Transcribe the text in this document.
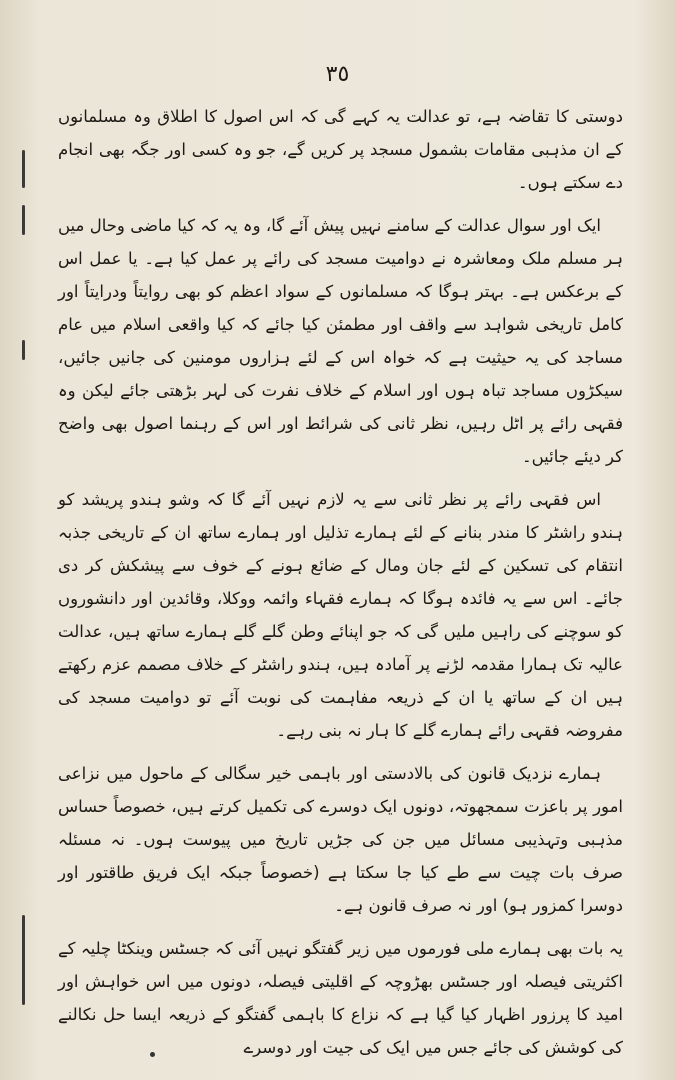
٣٥

دوستی کا تقاضہ ہے، تو عدالت یہ کہے گی کہ اس اصول کا اطلاق وہ مسلمانوں کے ان مذہبی مقامات بشمول مسجد پر کریں گے، جو وہ کسی اور جگہ بھی انجام دے سکتے ہوں۔

ایک اور سوال عدالت کے سامنے نہیں پیش آئے گا، وہ یہ کہ کیا ماضی وحال میں ہر مسلم ملک ومعاشرہ نے دوامیت مسجد کی رائے پر عمل کیا ہے۔ یا عمل اس کے برعکس ہے۔ بہتر ہوگا کہ مسلمانوں کے سواد اعظم کو بھی روایتاً ودرایتاً اور کامل تاریخی شواہد سے واقف اور مطمئن کیا جائے کہ کیا واقعی اسلام میں عام مساجد کی یہ حیثیت ہے کہ خواہ اس کے لئے ہزاروں مومنین کی جانیں جائیں، سیکڑوں مساجد تباہ ہوں اور اسلام کے خلاف نفرت کی لہر بڑھتی جائے لیکن وہ فقہی رائے پر اٹل رہیں، نظر ثانی کی شرائط اور اس کے رہنما اصول بھی واضح کر دیئے جائیں۔

اس فقہی رائے پر نظر ثانی سے یہ لازم نہیں آئے گا کہ وشو ہندو پریشد کو ہندو راشٹر کا مندر بنانے کے لئے ہمارے تذلیل اور ہمارے ساتھ ان کے تاریخی جذبہ انتقام کی تسکین کے لئے جان ومال کے ضائع ہونے کے خوف سے پیشکش کر دی جائے۔ اس سے یہ فائدہ ہوگا کہ ہمارے فقہاء وائمہ ووکلا، وقائدین اور دانشوروں کو سوچنے کی راہیں ملیں گی کہ جو اپنائے وطن گلے گلے ہمارے ساتھ ہیں، عدالت عالیہ تک ہمارا مقدمہ لڑنے پر آمادہ ہیں، ہندو راشٹر کے خلاف مصمم عزم رکھتے ہیں ان کے ساتھ یا ان کے ذریعہ مفاہمت کی نوبت آئے تو دوامیت مسجد کی مفروضہ فقہی رائے ہمارے گلے کا ہار نہ بنی رہے۔

ہمارے نزدیک قانون کی بالادستی اور باہمی خیر سگالی کے ماحول میں نزاعی امور پر باعزت سمجھوتہ، دونوں ایک دوسرے کی تکمیل کرتے ہیں، خصوصاً حساس مذہبی وتہذیبی مسائل میں جن کی جڑیں تاریخ میں پیوست ہوں۔ نہ مسئلہ صرف بات چیت سے طے کیا جا سکتا ہے (خصوصاً جبکہ ایک فریق طاقتور اور دوسرا کمزور ہو) اور نہ صرف قانون ہے۔

یہ بات بھی ہمارے ملی فورموں میں زیر گفتگو نہیں آئی کہ جسٹس وینکٹا چلیہ کے اکثریتی فیصلہ اور جسٹس بھڑوچہ کے اقلیتی فیصلہ، دونوں میں اس خواہش اور امید کا پرزور اظہار کیا گیا ہے کہ نزاع کا باہمی گفتگو کے ذریعہ ایسا حل نکالنے کی کوشش کی جائے جس میں ایک کی جیت اور دوسرے
